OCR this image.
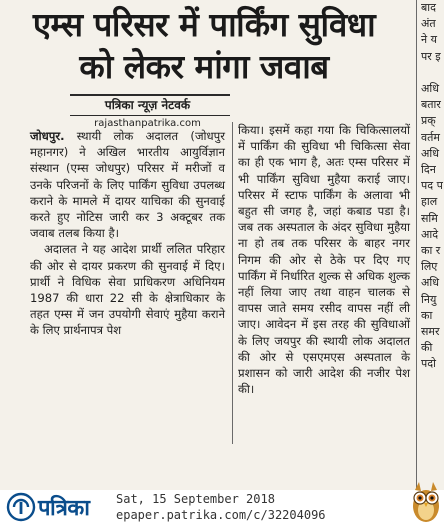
एम्स परिसर में पार्किंग सुविधा को लेकर मांगा जवाब
पत्रिका न्यूज़ नेटवर्क
rajasthanpatrika.com

जोधपुर. स्थायी लोक अदालत (जोधपुर महानगर) ने अखिल भारतीय आयुर्विज्ञान संस्थान (एम्स जोधपुर) परिसर में मरीजों व उनके परिजनों के लिए पार्किंग सुविधा उपलब्ध कराने के मामले में दायर याचिका की सुनवाई करते हुए नोटिस जारी कर 3 अक्टूबर तक जवाब तलब किया है।

अदालत ने यह आदेश प्रार्थी ललित परिहार की ओर से दायर प्रकरण की सुनवाई में दिए। प्रार्थी ने विधिक सेवा प्राधिकरण अधिनियम 1987 की धारा 22 सी के क्षेत्राधिकार के तहत एम्स में जन उपयोगी सेवाएं मुहैया कराने के लिए प्रार्थनापत्र पेश

किया। इसमें कहा गया कि चिकित्सालयों में पार्किंग की सुविधा भी चिकित्सा सेवा का ही एक भाग है, अतः एम्स परिसर में भी पार्किंग सुविधा मुहैया कराई जाए। परिसर में स्टाफ पार्किंग के अलावा भी बहुत सी जगह है, जहां कबाड पडा है। जब तक अस्पताल के अंदर सुविधा मुहैया ना हो तब तक परिसर के बाहर नगर निगम की ओर से ठेके पर दिए गए पार्किंग में निर्धारित शुल्क से अधिक शुल्क नहीं लिया जाए तथा वाहन चालक से वापस जाते समय रसीद वापस नहीं ली जाए। आवेदन में इस तरह की सुविधाओं के लिए जयपुर की स्थायी लोक अदालत की ओर से एसएमएस अस्पताल के प्रशासन को जारी आदेश की नजीर पेश की।

बाद
अंत
ने य
पर इ

अधि
बतार
प्रक्
वर्तम
अधि
दिन
पद प
हाल
समि
आदे
का र
लिए
अधि
नियु
का
समर
की
पदो
पत्रिका Sat, 15 September 2018
epaper.patrika.com/c/32204096
